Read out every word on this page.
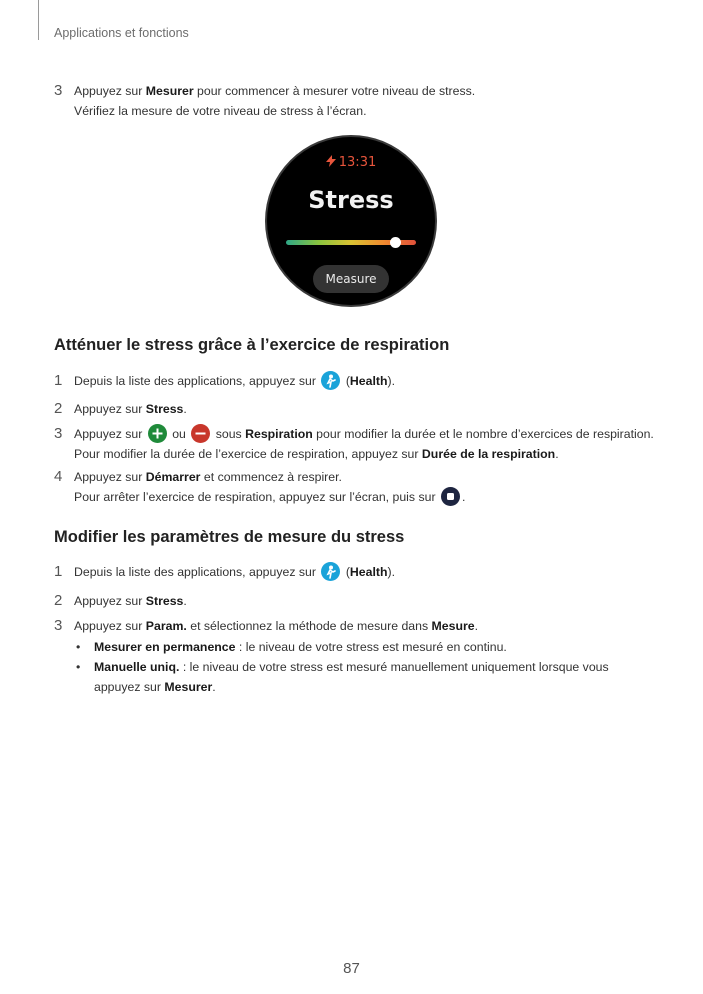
Applications et fonctions
3 Appuyez sur Mesurer pour commencer à mesurer votre niveau de stress.
Vérifiez la mesure de votre niveau de stress à l’écran.
13:31
Stress
Measure
Atténuer le stress grâce à l’exercice de respiration
1 Depuis la liste des applications, appuyez sur
(Health).
2 Appuyez sur Stress.
3 Appuyez sur
ou
sous Respiration pour modifier la durée et le nombre d’exercices de respiration.
Pour modifier la durée de l’exercice de respiration, appuyez sur Durée de la respiration.
4 Appuyez sur Démarrer et commencez à respirer.
Pour arrêter l’exercice de respiration, appuyez sur l’écran, puis sur
.
Modifier les paramètres de mesure du stress
1 Depuis la liste des applications, appuyez sur
(Health).
2 Appuyez sur Stress.
3 Appuyez sur Param. et sélectionnez la méthode de mesure dans Mesure.
• Mesurer en permanence : le niveau de votre stress est mesuré en continu.
• Manuelle uniq. : le niveau de votre stress est mesuré manuellement uniquement lorsque vous
appuyez sur Mesurer.
87
